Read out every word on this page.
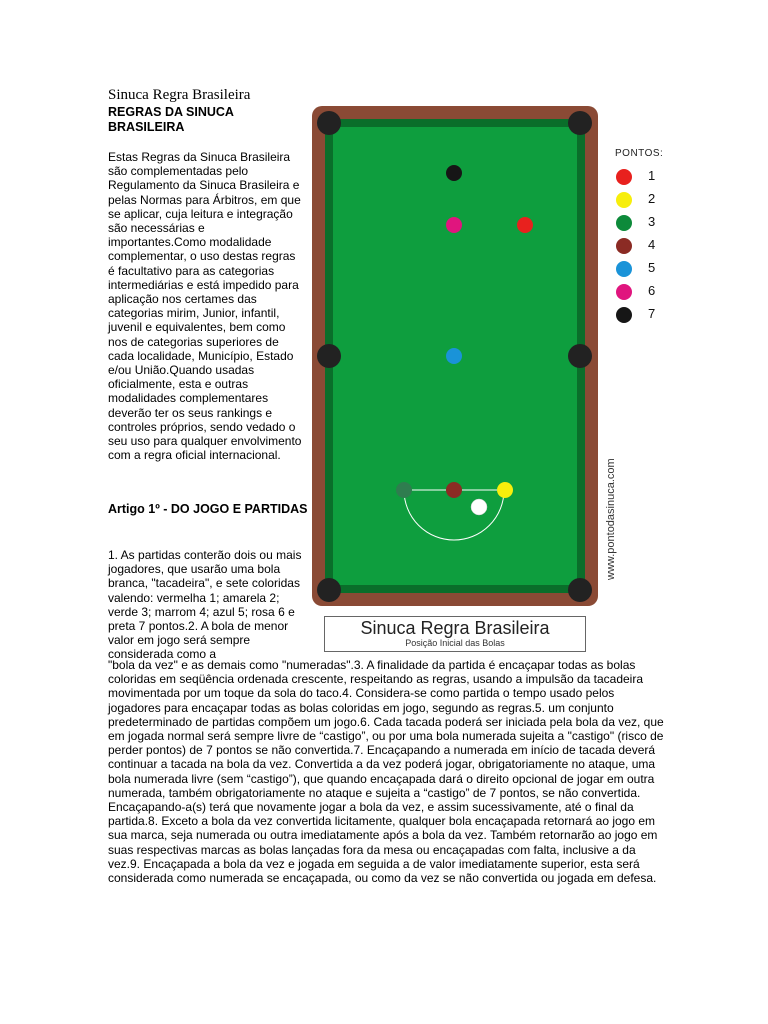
Sinuca Regra Brasileira
REGRAS DA SINUCA BRASILEIRA

Estas Regras da Sinuca Brasileira são complementadas pelo Regulamento da Sinuca Brasileira e pelas Normas para Árbitros, em que se aplicar, cuja leitura e integração são necessárias e importantes.Como modalidade complementar, o uso destas regras é facultativo para as categorias intermediárias e está impedido para aplicação nos certames das categorias mirim, Junior, infantil, juvenil e equivalentes, bem como nos de categorias superiores de cada localidade, Município, Estado e/ou União.Quando usadas oficialmente, esta e outras modalidades complementares deverão ter os seus rankings e controles próprios, sendo vedado o seu uso para qualquer envolvimento com a regra oficial internacional.

Artigo 1º - DO JOGO E PARTIDAS

1. As partidas conterão dois ou mais jogadores, que usarão uma bola branca, "tacadeira", e sete coloridas valendo: vermelha 1; amarela 2; verde 3; marrom 4; azul 5; rosa 6 e preta 7 pontos.2. A bola de menor valor em jogo será sempre considerada como a

"bola da vez" e as demais como "numeradas".3. A finalidade da partida é encaçapar todas as bolas coloridas em seqüência ordenada crescente, respeitando as regras, usando a impulsão da tacadeira movimentada por um toque da sola do taco.4. Considera-se como partida o tempo usado pelos jogadores para encaçapar todas as bolas coloridas em jogo, segundo as regras.5. um conjunto predeterminado de partidas compõem um jogo.6. Cada tacada poderá ser iniciada pela bola da vez, que em jogada normal será sempre livre de “castigo”, ou por uma bola numerada sujeita a "castigo" (risco de perder pontos) de 7 pontos se não convertida.7. Encaçapando a numerada em início de tacada deverá continuar a tacada na bola da vez. Convertida a da vez poderá jogar, obrigatoriamente no ataque, uma bola numerada livre (sem “castigo”), que quando encaçapada dará o direito opcional de jogar em outra numerada, também obrigatoriamente no ataque e sujeita a “castigo” de 7 pontos, se não convertida. Encaçapando-a(s) terá que novamente jogar a bola da vez, e assim sucessivamente, até o final da partida.8. Exceto a bola da vez convertida licitamente, qualquer bola encaçapada retornará ao jogo em sua marca, seja numerada ou outra imediatamente após a bola da vez. Também retornarão ao jogo em suas respectivas marcas as bolas lançadas fora da mesa ou encaçapadas com falta, inclusive a da vez.9. Encaçapada a bola da vez e jogada em seguida a de valor imediatamente superior, esta será considerada como numerada se encaçapada, ou como da vez se não convertida ou jogada em defesa.

PONTOS:
1
2
3
4
5
6
7
www.pontodasinuca.com
Sinuca Regra Brasileira
Posição Inicial das Bolas
